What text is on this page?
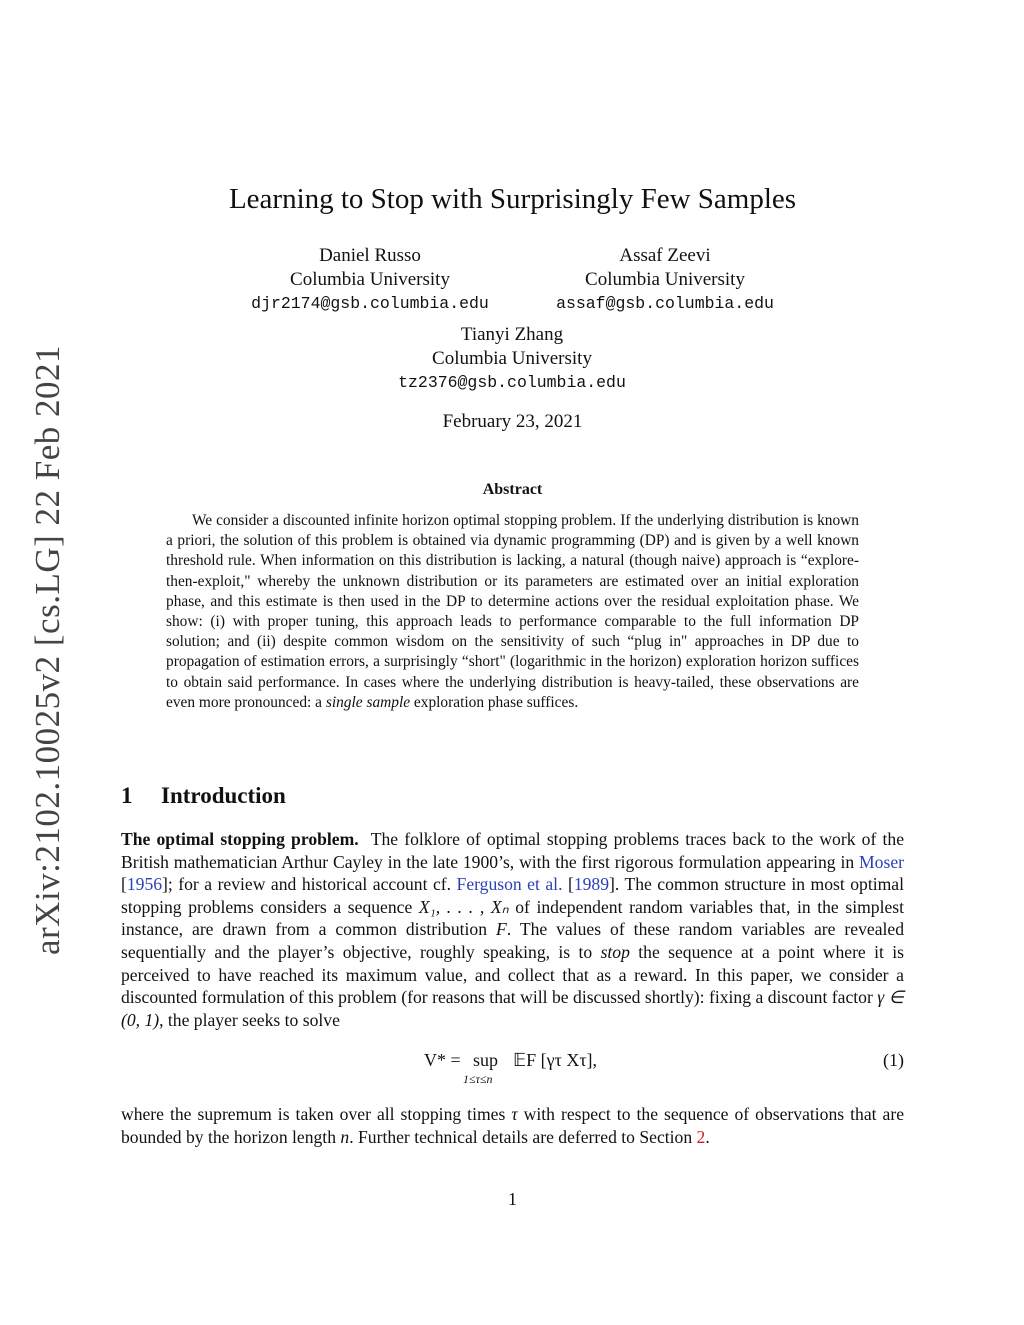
arXiv:2102.10025v2 [cs.LG] 22 Feb 2021
Learning to Stop with Surprisingly Few Samples
Daniel Russo
Columbia University
djr2174@gsb.columbia.edu
Assaf Zeevi
Columbia University
assaf@gsb.columbia.edu
Tianyi Zhang
Columbia University
tz2376@gsb.columbia.edu
February 23, 2021
Abstract

We consider a discounted infinite horizon optimal stopping problem. If the underlying distribution is known a priori, the solution of this problem is obtained via dynamic programming (DP) and is given by a well known threshold rule. When information on this distribution is lacking, a natural (though naive) approach is “explore-then-exploit," whereby the unknown distribution or its parameters are estimated over an initial exploration phase, and this estimate is then used in the DP to determine actions over the residual exploitation phase. We show: (i) with proper tuning, this approach leads to performance comparable to the full information DP solution; and (ii) despite common wisdom on the sensitivity of such “plug in" approaches in DP due to propagation of estimation errors, a surprisingly “short" (logarithmic in the horizon) exploration horizon suffices to obtain said performance. In cases where the underlying distribution is heavy-tailed, these observations are even more pronounced: a single sample exploration phase suffices.

1 Introduction

The optimal stopping problem. The folklore of optimal stopping problems traces back to the work of the British mathematician Arthur Cayley in the late 1900’s, with the first rigorous formulation appearing in Moser [1956]; for a review and historical account cf. Ferguson et al. [1989]. The common structure in most optimal stopping problems considers a sequence X₁, . . . , Xₙ of independent random variables that, in the simplest instance, are drawn from a common distribution F. The values of these random variables are revealed sequentially and the player’s objective, roughly speaking, is to stop the sequence at a point where it is perceived to have reached its maximum value, and collect that as a reward. In this paper, we consider a discounted formulation of this problem (for reasons that will be discussed shortly): fixing a discount factor γ ∈ (0, 1), the player seeks to solve

V* = sup
1≤τ≤n
𝔼F [γτ Xτ],	(1)

where the supremum is taken over all stopping times τ with respect to the sequence of observations that are bounded by the horizon length n. Further technical details are deferred to Section 2.

1
